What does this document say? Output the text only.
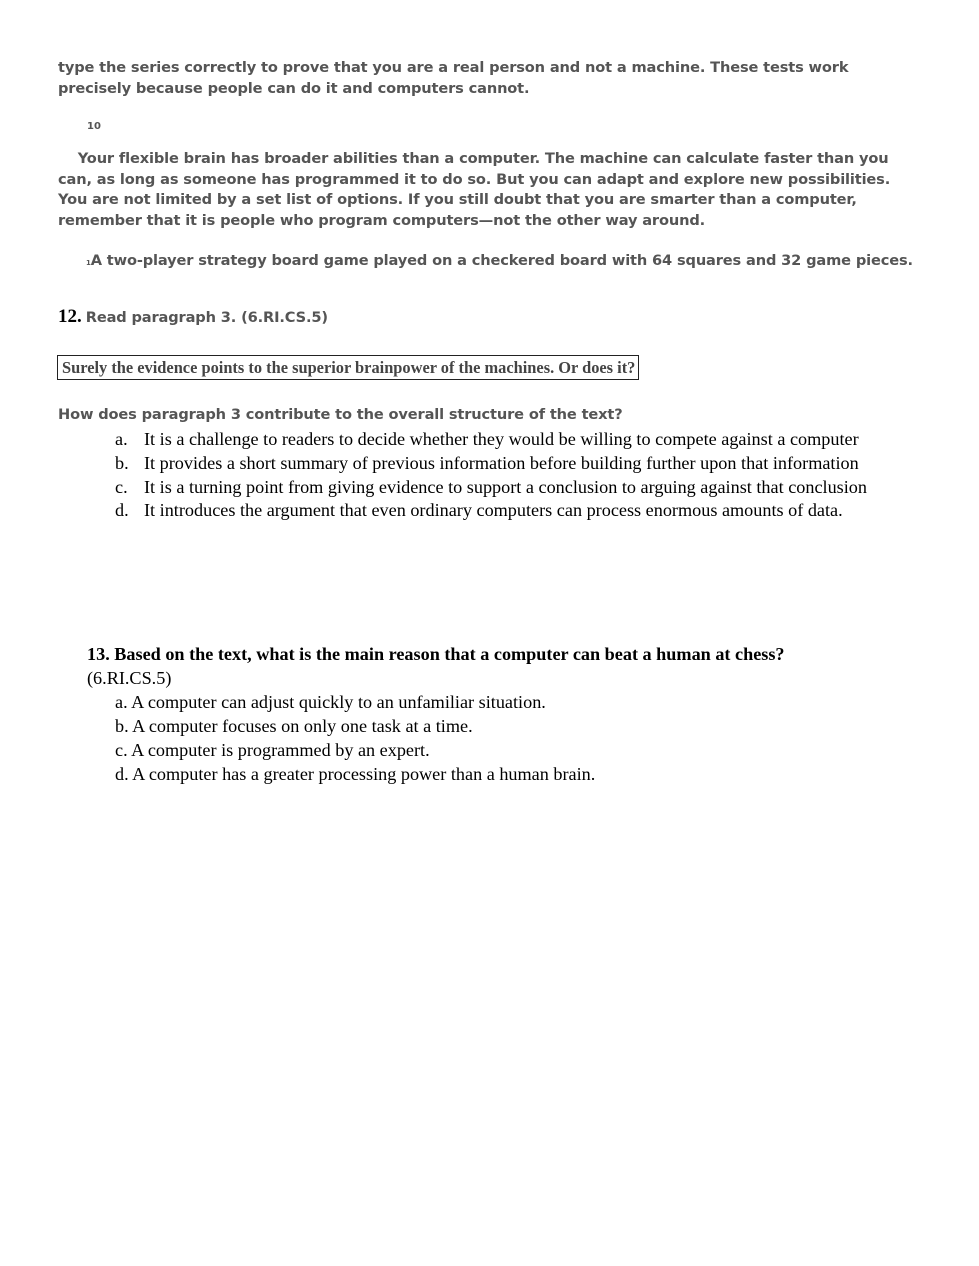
type the series correctly to prove that you are a real person and not a machine. These tests work precisely because people can do it and computers cannot.
10
Your flexible brain has broader abilities than a computer. The machine can calculate faster than you can, as long as someone has programmed it to do so. But you can adapt and explore new possibilities. You are not limited by a set list of options. If you still doubt that you are smarter than a computer, remember that it is people who program computers—not the other way around.
$^1$A two-player strategy board game played on a checkered board with 64 squares and 32 game pieces.
12. Read paragraph 3. (6.RI.CS.5)
Surely the evidence points to the superior brainpower of the machines. Or does it?
How does paragraph 3 contribute to the overall structure of the text?
a. It is a challenge to readers to decide whether they would be willing to compete against a computer
b. It provides a short summary of previous information before building further upon that information
c. It is a turning point from giving evidence to support a conclusion to arguing against that conclusion
d. It introduces the argument that even ordinary computers can process enormous amounts of data.
13. Based on the text, what is the main reason that a computer can beat a human at chess?
(6.RI.CS.5)
a. A computer can adjust quickly to an unfamiliar situation.
b. A computer focuses on only one task at a time.
c. A computer is programmed by an expert.
d. A computer has a greater processing power than a human brain.
